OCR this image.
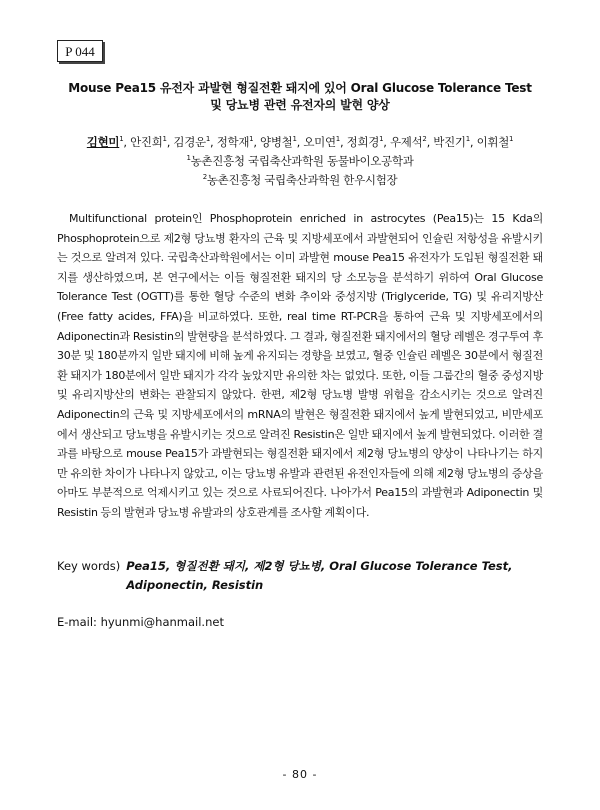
P 044
Mouse Pea15 유전자 과발현 형질전환 돼지에 있어 Oral Glucose Tolerance Test
및 당뇨병 관련 유전자의 발현 양상
김현미$^1$, 안진희$^1$, 김경운$^1$, 정학재$^1$, 양병철$^1$, 오미연$^1$, 정희경$^1$, 우제석$^2$, 박진기$^1$, 이휘철$^1$
$^1$농촌진흥청 국립축산과학원 동물바이오공학과
$^2$농촌진흥청 국립축산과학원 한우시험장
Multifunctional protein인 Phosphoprotein enriched in astrocytes (Pea15)는 15 Kda의 Phosphoprotein으로 제2형 당뇨병 환자의 근육 및 지방세포에서 과발현되어 인슐린 저항성을 유발시키는 것으로 알려져 있다. 국립축산과학원에서는 이미 과발현 mouse Pea15 유전자가 도입된 형질전환 돼지를 생산하였으며, 본 연구에서는 이들 형질전환 돼지의 당 소모능을 분석하기 위하여 Oral Glucose Tolerance Test (OGTT)를 통한 혈당 수준의 변화 추이와 중성지방 (Triglyceride, TG) 및 유리지방산 (Free fatty acides, FFA)을 비교하였다. 또한, real time RT-PCR을 통하여 근육 및 지방세포에서의 Adiponectin과 Resistin의 발현량을 분석하였다. 그 결과, 형질전환 돼지에서의 혈당 레벨은 경구투여 후 30분 및 180분까지 일반 돼지에 비해 높게 유지되는 경향을 보였고, 혈중 인슐린 레벨은 30분에서 형질전환 돼지가 180분에서 일반 돼지가 각각 높았지만 유의한 차는 없었다. 또한, 이들 그룹간의 혈중 중성지방 및 유리지방산의 변화는 관찰되지 않았다. 한편, 제2형 당뇨병 발병 위험을 감소시키는 것으로 알려진 Adiponectin의 근육 및 지방세포에서의 mRNA의 발현은 형질전환 돼지에서 높게 발현되었고, 비만세포에서 생산되고 당뇨병을 유발시키는 것으로 알려진 Resistin은 일반 돼지에서 높게 발현되었다. 이러한 결과를 바탕으로 mouse Pea15가 과발현되는 형질전환 돼지에서 제2형 당뇨병의 양상이 나타나기는 하지만 유의한 차이가 나타나지 않았고, 이는 당뇨병 유발과 관련된 유전인자들에 의해 제2형 당뇨병의 증상을 아마도 부분적으로 억제시키고 있는 것으로 사료되어진다. 나아가서 Pea15의 과발현과 Adiponectin 및 Resistin 등의 발현과 당뇨병 유발과의 상호관계를 조사할 계획이다.
Key words) Pea15, 형질전환 돼지, 제2형 당뇨병, Oral Glucose Tolerance Test, Adiponectin, Resistin
E-mail: hyunmi@hanmail.net
- 80 -
